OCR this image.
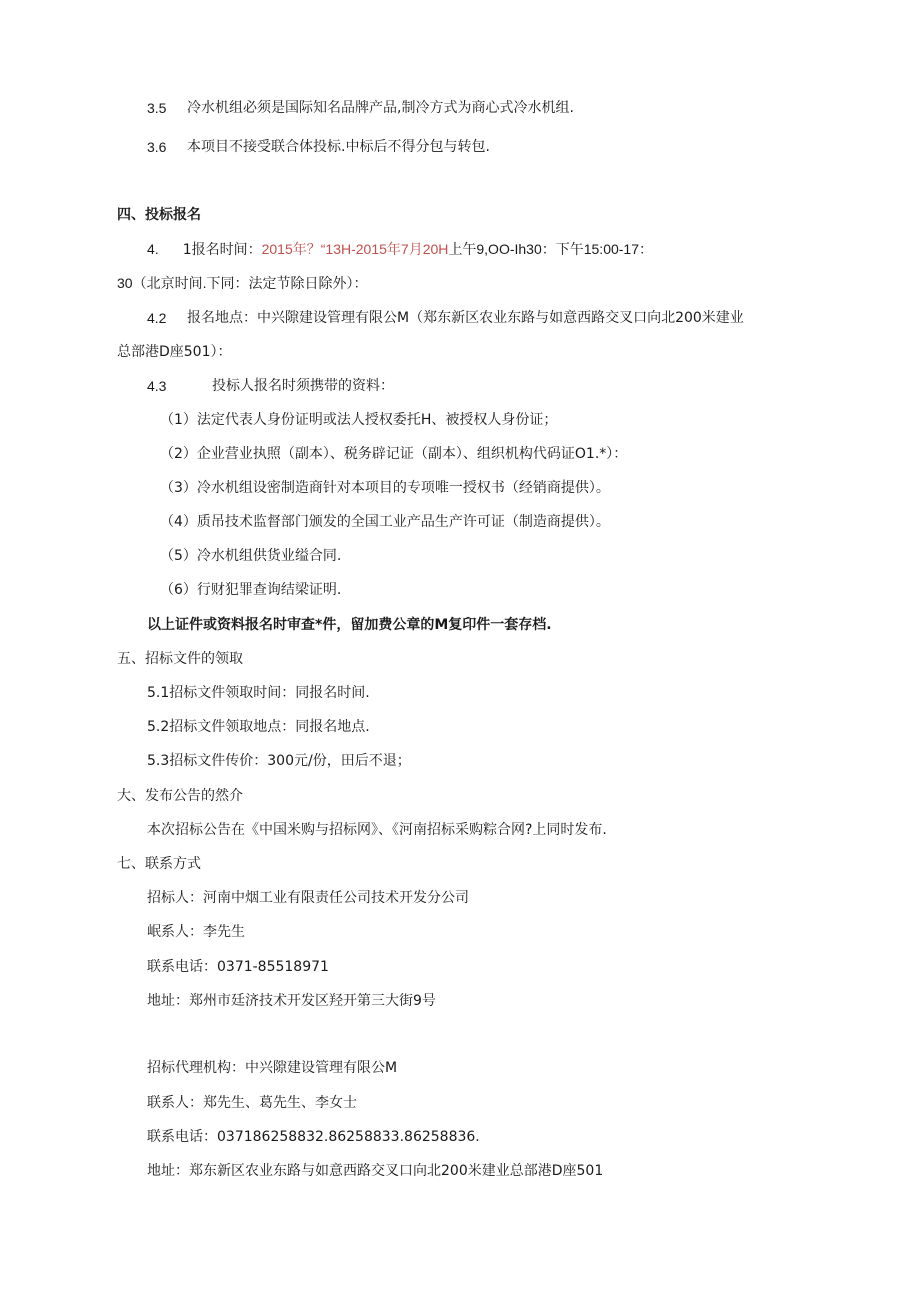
3.5 冷水机组必须是国际知名品牌产品,制冷方式为商心式冷水机组.
3.6 本项目不接受联合体投标.中标后不得分包与转包.
四、投标报名
4. 1报名时间：2015年？“13H-2015年7月20H上午9,OO-Ih30：下午15:00-17：
30（北京时间.下同：法定节除日除外）：
4.2 报名地点：中兴隙建设管理有限公M（郑东新区农业东路与如意西路交叉口向北200米建业
总部港D座501）：
4.3	投标人报名时须携带的资料：
（1）法定代表人身份证明或法人授权委托H、被授权人身份证；
（2）企业营业执照（副本）、税务辟记证（副本）、组织机构代码证O1.*）：
（3）冷水机组设密制造商针对本项目的专项唯一授权书（经销商提供）。
（4）质吊技术监督部门颁发的全国工业产品生产许可证（制造商提供）。
（5）冷水机组供货业缢合同.
（6）行财犯罪查询结梁证明.
以上证件或资料报名时审查*件，留加费公章的M复印件一套存档.
五、招标文件的领取
5.1招标文件领取时间：同报名时间.
5.2招标文件领取地点：同报名地点.
5.3招标文件传价：300元/份，田后不退；
大、发布公告的然介
本次招标公告在《中国米购与招标网》、《河南招标采购粽合网?上同时发布.
七、联系方式
招标人：河南中烟工业有限责任公司技术开发分公司
岷系人：李先生
联系电话：0371-85518971
地址：郑州市廷济技术开发区羟开第三大街9号
招标代理机构：中兴隙建设管理有限公M
联系人：郑先生、葛先生、李女士
联系电话：037186258832.86258833.86258836.
地址：郑东新区农业东路与如意西路交叉口向北200米建业总部港D座501
